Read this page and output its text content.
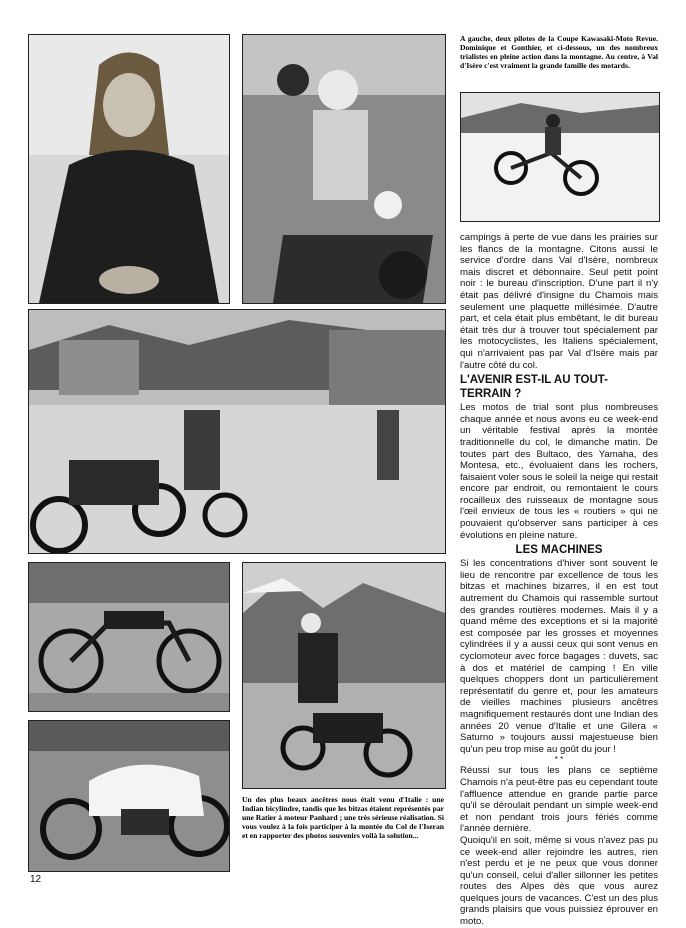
A gauche, deux pilotes de la Coupe Kawasaki-Moto Revue. Dominique et Gonthier, et ci-dessous, un des nombreux trialistes en pleine action dans la montagne. Au centre, à Val d'Isère c'est vraiment la grande famille des motards.
Un des plus beaux ancêtres nous était venu d'Italie : une Indian bicylindre, tandis que les bitzas étaient représentés par une Ratier à moteur Panhard ; une très sérieuse réalisation. Si vous voulez à la fois participer à la montée du Col de l'Iseran et en rapporter des photos souvenirs voilà la solution...

campings à perte de vue dans les prairies sur les flancs de la montagne. Citons aussi le service d'ordre dans Val d'Isère, nombreux mais discret et débonnaire. Seul petit point noir : le bureau d'inscription. D'une part il n'y était pas délivré d'insigne du Chamois mais seulement une plaquette millésimée. D'autre part, et cela était plus embêtant, le dit bureau était très dur à trouver tout spécialement par les motocyclistes, les Italiens spécialement, qui n'arrivaient pas par Val d'Isère mais par l'autre côté du col.

L'AVENIR EST-IL AU TOUT-TERRAIN ?

Les motos de trial sont plus nombreuses chaque année et nous avons eu ce week-end un véritable festival après la montée traditionnelle du col, le dimanche matin. De toutes part des Bultaco, des Yamaha, des Montesa, etc., évoluaient dans les rochers, faisaient voler sous le soleil la neige qui restait encore par endroit, ou remontaient le cours rocailleux des ruisseaux de montagne sous l'œil envieux de tous les « routiers » qui ne pouvaient qu'observer sans participer à ces évolutions en pleine nature.

LES MACHINES

Si les concentrations d'hiver sont souvent le lieu de rencontre par excellence de tous les bitzas et machines bizarres, il en est tout autrement du Chamois qui rassemble surtout des grandes routières modernes. Mais il y a quand même des exceptions et si la majorité est composée par les grosses et moyennes cylindrées il y a aussi ceux qui sont venus en cyclomoteur avec force bagages : duvets, sac à dos et matériel de camping ! En ville quelques choppers dont un particulièrement représentatif du genre et, pour les amateurs de vieilles machines plusieurs ancêtres magnifiquement restaurés dont une Indian des années 20 venue d'Italie et une Gilera « Saturno » toujours aussi majestueuse bien qu'un peu trop mise au goût du jour !

* *

Réussi sur tous les plans ce septième Chamois n'a peut-être pas eu cependant toute l'affluence attendue en grande partie parce qu'il se déroulait pendant un simple week-end et non pendant trois jours fériés comme l'année dernière.

Quoiqu'il en soit, même si vous n'avez pas pu ce week-end aller rejoindre les autres, rien n'est perdu et je ne peux que vous donner qu'un conseil, celui d'aller sillonner les petites routes des Alpes dès que vous aurez quelques jours de vacances. C'est un des plus grands plaisirs que vous puissiez éprouver en moto.

12
